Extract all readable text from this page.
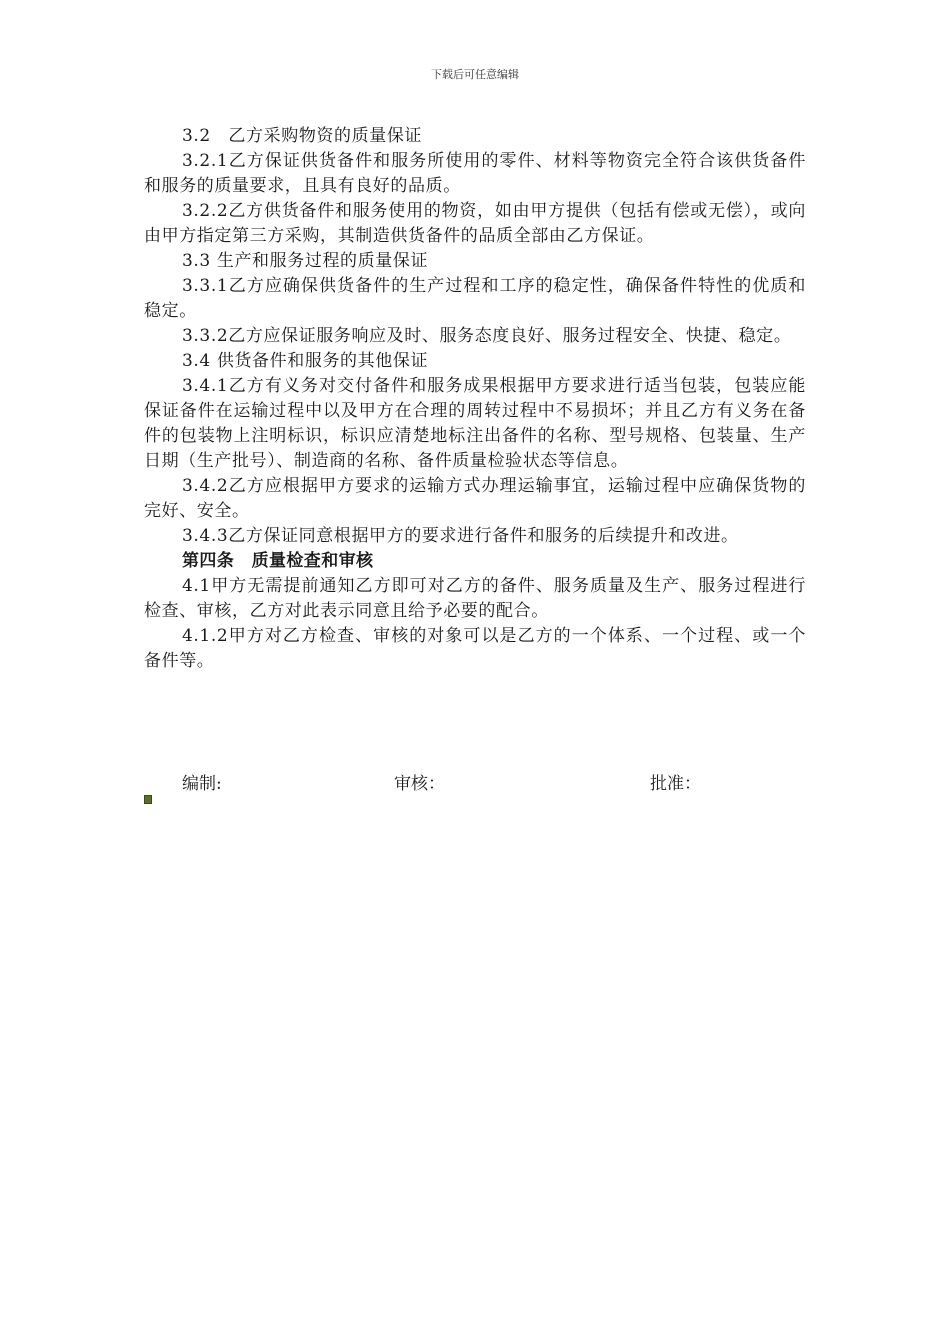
下载后可任意编辑

3.2　乙方采购物资的质量保证

3.2.1乙方保证供货备件和服务所使用的零件、材料等物资完全符合该供货备件和服务的质量要求，且具有良好的品质。

3.2.2乙方供货备件和服务使用的物资，如由甲方提供（包括有偿或无偿），或向由甲方指定第三方采购，其制造供货备件的品质全部由乙方保证。

3.3 生产和服务过程的质量保证

3.3.1乙方应确保供货备件的生产过程和工序的稳定性，确保备件特性的优质和稳定。

3.3.2乙方应保证服务响应及时、服务态度良好、服务过程安全、快捷、稳定。

3.4 供货备件和服务的其他保证

3.4.1乙方有义务对交付备件和服务成果根据甲方要求进行适当包装，包装应能保证备件在运输过程中以及甲方在合理的周转过程中不易损坏；并且乙方有义务在备件的包装物上注明标识，标识应清楚地标注出备件的名称、型号规格、包装量、生产日期（生产批号）、制造商的名称、备件质量检验状态等信息。

3.4.2乙方应根据甲方要求的运输方式办理运输事宜，运输过程中应确保货物的完好、安全。

3.4.3乙方保证同意根据甲方的要求进行备件和服务的后续提升和改进。

第四条　质量检查和审核

4.1甲方无需提前通知乙方即可对乙方的备件、服务质量及生产、服务过程进行检查、审核，乙方对此表示同意且给予必要的配合。

4.1.2甲方对乙方检查、审核的对象可以是乙方的一个体系、一个过程、或一个备件等。

编制:	审核：	批准：
